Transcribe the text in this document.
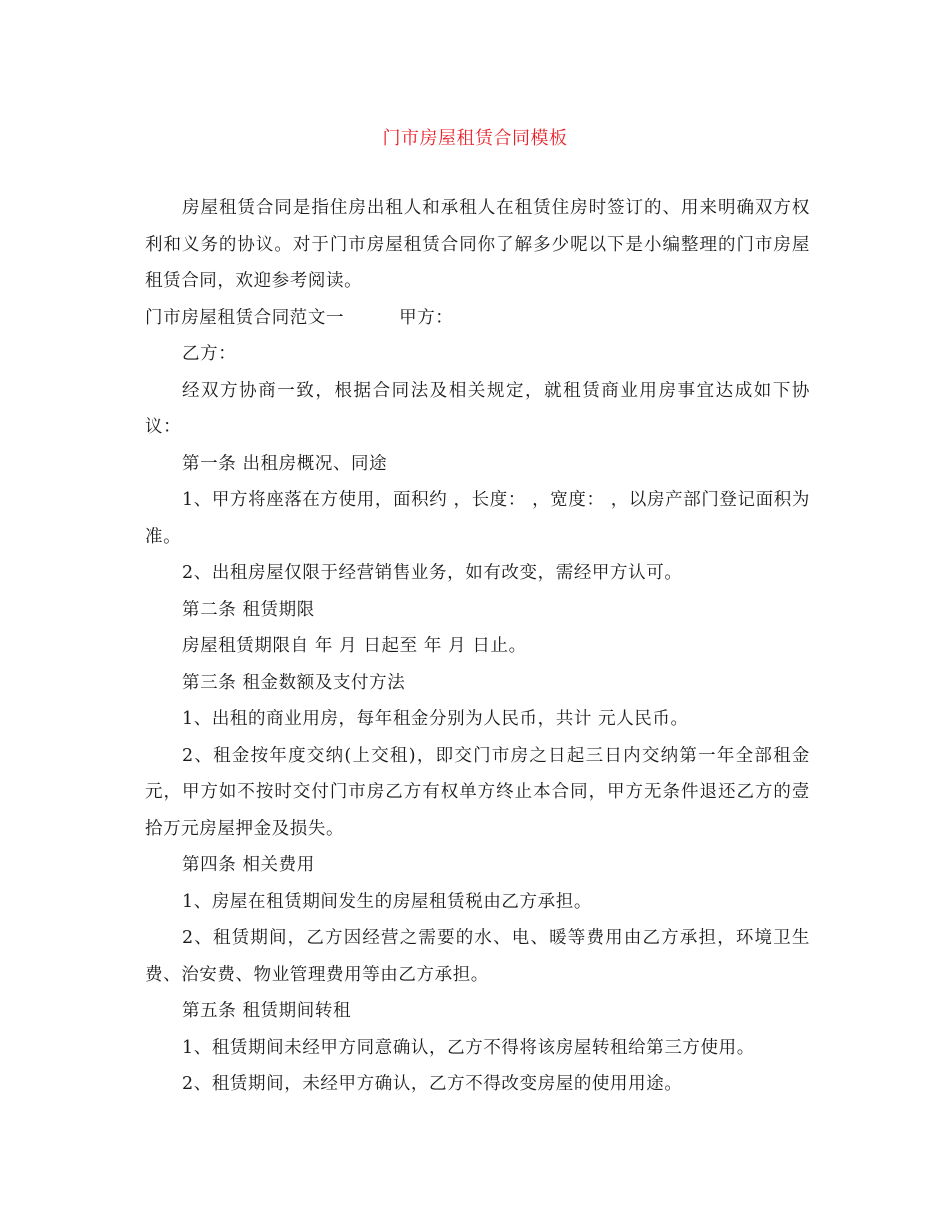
门市房屋租赁合同模板

房屋租赁合同是指住房出租人和承租人在租赁住房时签订的、用来明确双方权利和义务的协议。对于门市房屋租赁合同你了解多少呢以下是小编整理的门市房屋租赁合同，欢迎参考阅读。

门市房屋租赁合同范文一	甲方：

乙方：

经双方协商一致，根据合同法及相关规定，就租赁商业用房事宜达成如下协议：

第一条 出租房概况、同途

1、甲方将座落在方使用，面积约 ，长度： ，宽度： ，以房产部门登记面积为准。

2、出租房屋仅限于经营销售业务，如有改变，需经甲方认可。

第二条 租赁期限

房屋租赁期限自 年 月 日起至 年 月 日止。

第三条 租金数额及支付方法

1、出租的商业用房，每年租金分别为人民币，共计 元人民币。

2、租金按年度交纳(上交租)，即交门市房之日起三日内交纳第一年全部租金元，甲方如不按时交付门市房乙方有权单方终止本合同，甲方无条件退还乙方的壹拾万元房屋押金及损失。

第四条 相关费用

1、房屋在租赁期间发生的房屋租赁税由乙方承担。

2、租赁期间，乙方因经营之需要的水、电、暖等费用由乙方承担，环境卫生费、治安费、物业管理费用等由乙方承担。

第五条 租赁期间转租

1、租赁期间未经甲方同意确认，乙方不得将该房屋转租给第三方使用。

2、租赁期间，未经甲方确认，乙方不得改变房屋的使用用途。
